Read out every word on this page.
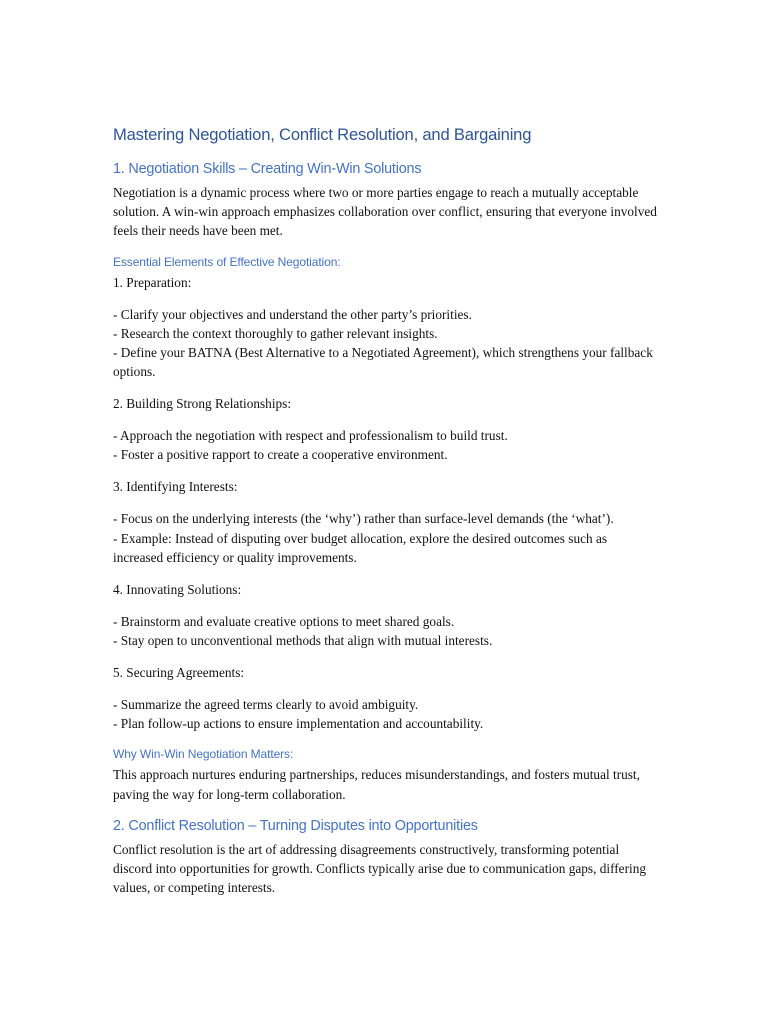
Mastering Negotiation, Conflict Resolution, and Bargaining
1. Negotiation Skills – Creating Win-Win Solutions

Negotiation is a dynamic process where two or more parties engage to reach a mutually acceptable solution. A win-win approach emphasizes collaboration over conflict, ensuring that everyone involved feels their needs have been met.

Essential Elements of Effective Negotiation:

1. Preparation:

- Clarify your objectives and understand the other party’s priorities.

- Research the context thoroughly to gather relevant insights.

- Define your BATNA (Best Alternative to a Negotiated Agreement), which strengthens your fallback options.

2. Building Strong Relationships:

- Approach the negotiation with respect and professionalism to build trust.

- Foster a positive rapport to create a cooperative environment.

3. Identifying Interests:

- Focus on the underlying interests (the ‘why’) rather than surface-level demands (the ‘what’).

- Example: Instead of disputing over budget allocation, explore the desired outcomes such as increased efficiency or quality improvements.

4. Innovating Solutions:

- Brainstorm and evaluate creative options to meet shared goals.

- Stay open to unconventional methods that align with mutual interests.

5. Securing Agreements:

- Summarize the agreed terms clearly to avoid ambiguity.

- Plan follow-up actions to ensure implementation and accountability.

Why Win-Win Negotiation Matters:

This approach nurtures enduring partnerships, reduces misunderstandings, and fosters mutual trust, paving the way for long-term collaboration.

2. Conflict Resolution – Turning Disputes into Opportunities

Conflict resolution is the art of addressing disagreements constructively, transforming potential discord into opportunities for growth. Conflicts typically arise due to communication gaps, differing values, or competing interests.
